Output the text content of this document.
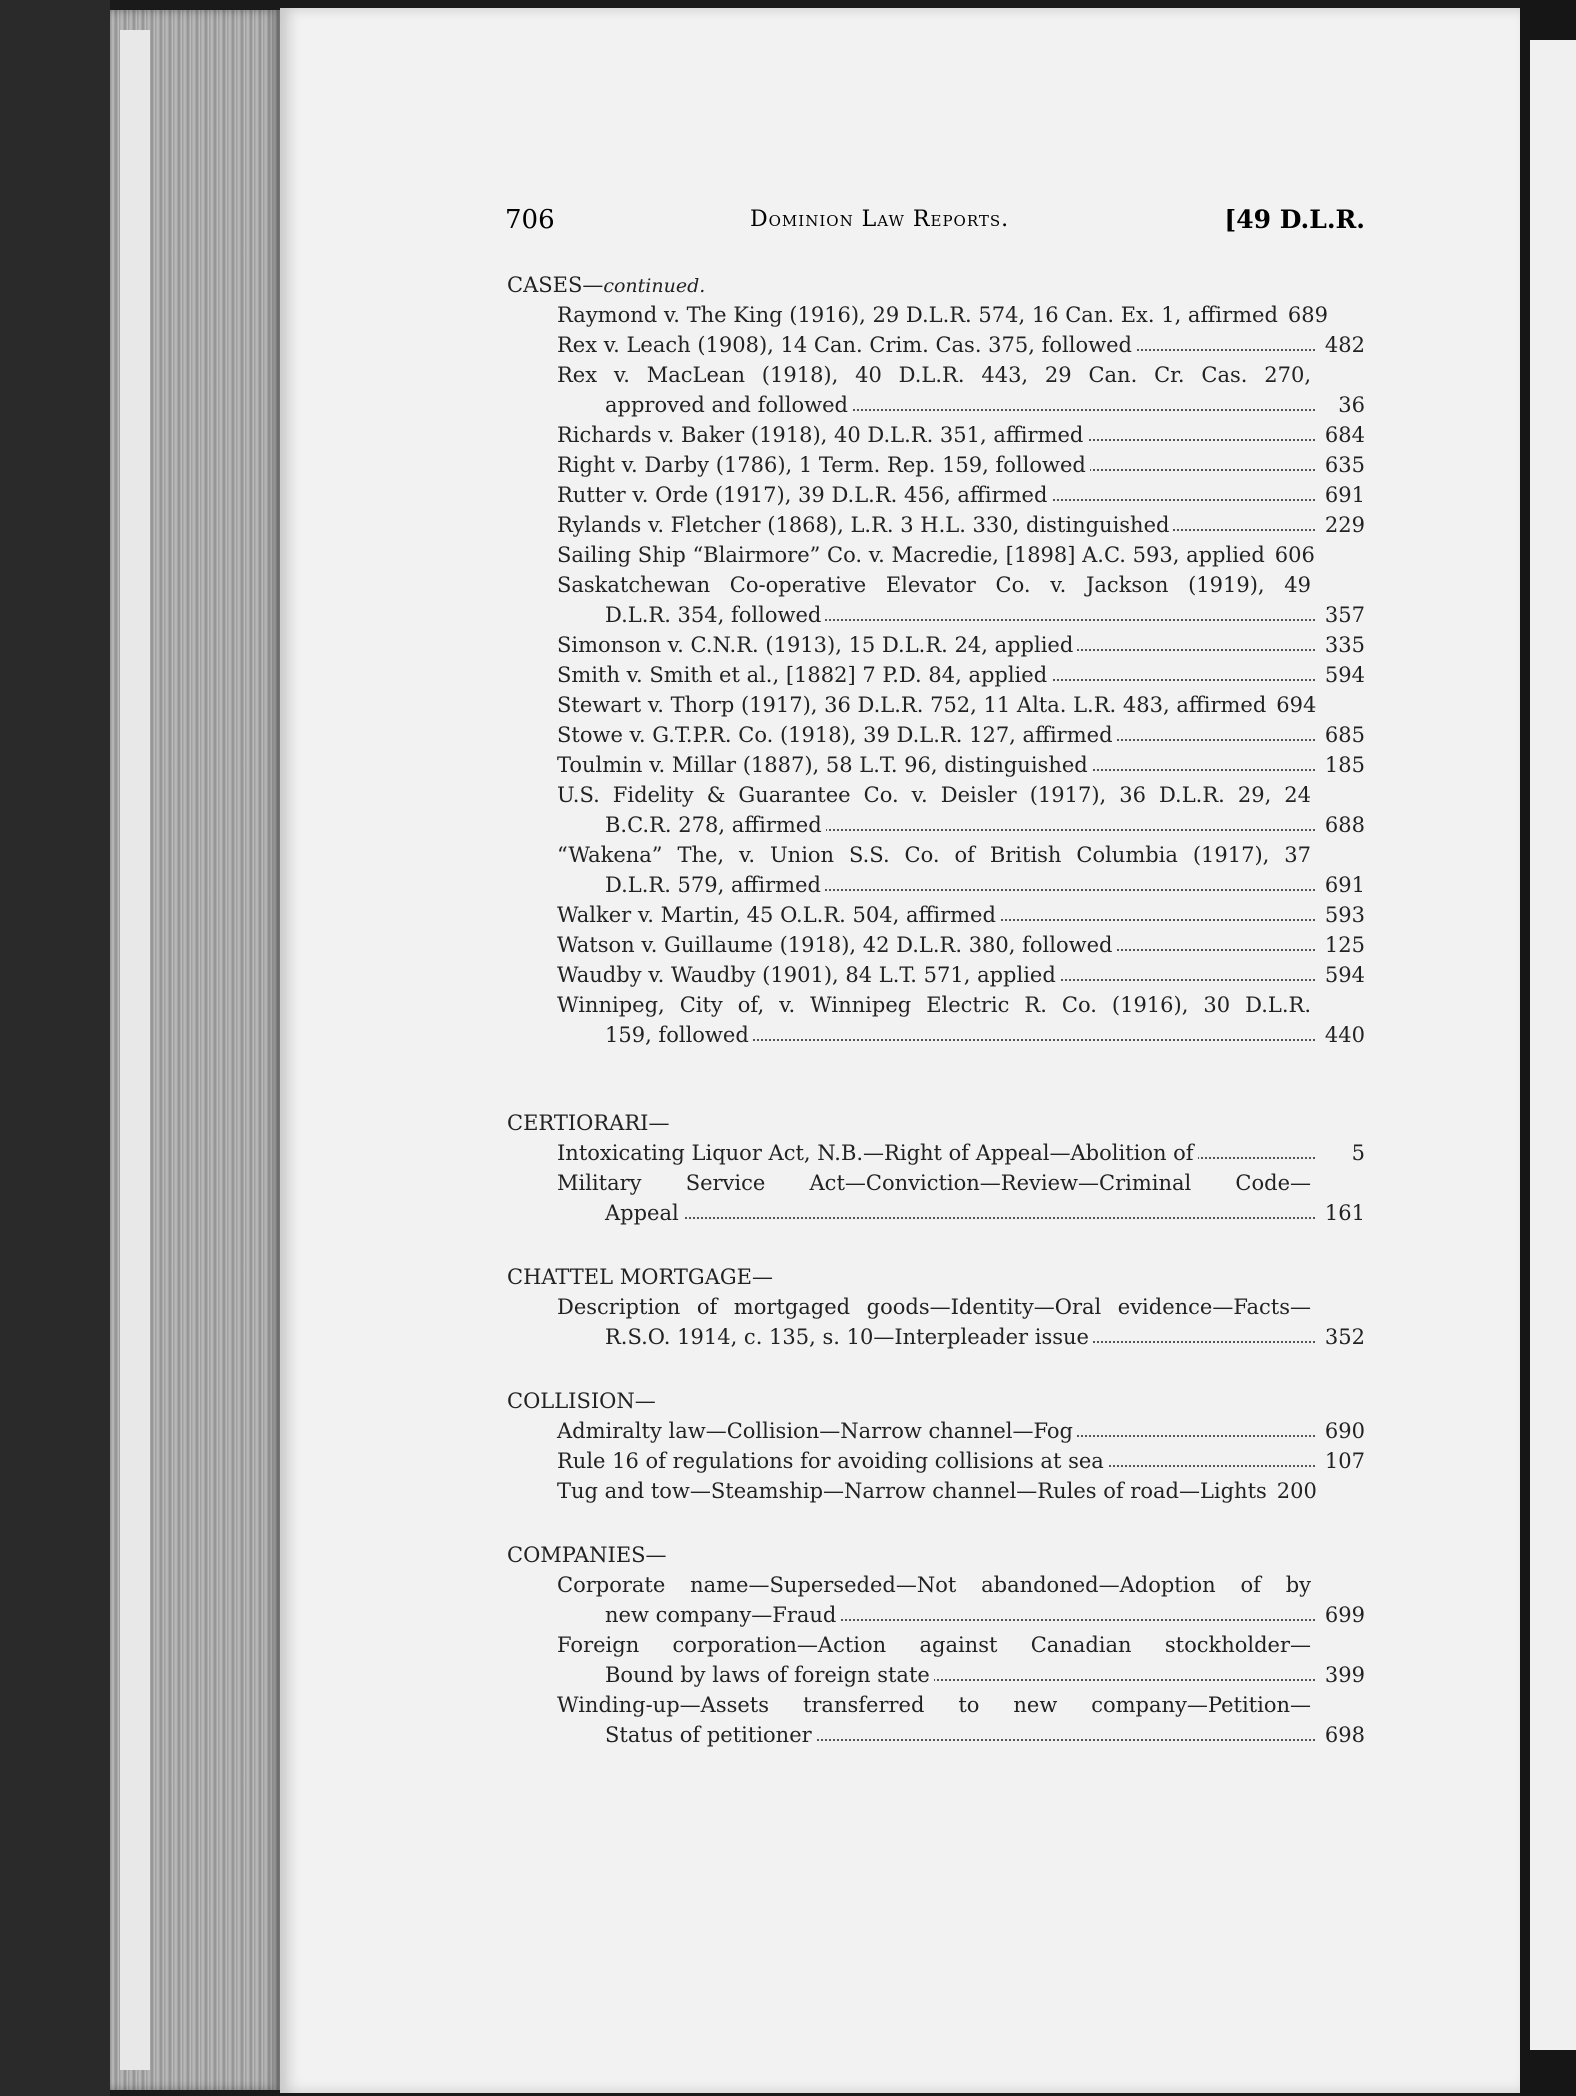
706	Dominion Law Reports.	[49 D.L.R.
CASES—continued.
Raymond v. The King (1916), 29 D.L.R. 574, 16 Can. Ex. 1, affirmed 689
Rex v. Leach (1908), 14 Can. Crim. Cas. 375, followed	482
Rex v. MacLean (1918), 40 D.L.R. 443, 29 Can. Cr. Cas. 270,
approved and followed	36
Richards v. Baker (1918), 40 D.L.R. 351, affirmed	684
Right v. Darby (1786), 1 Term. Rep. 159, followed	635
Rutter v. Orde (1917), 39 D.L.R. 456, affirmed	691
Rylands v. Fletcher (1868), L.R. 3 H.L. 330, distinguished	229
Sailing Ship “Blairmore” Co. v. Macredie, [1898] A.C. 593, applied 606
Saskatchewan Co-operative Elevator Co. v. Jackson (1919), 49
D.L.R. 354, followed	357
Simonson v. C.N.R. (1913), 15 D.L.R. 24, applied	335
Smith v. Smith et al., [1882] 7 P.D. 84, applied	594
Stewart v. Thorp (1917), 36 D.L.R. 752, 11 Alta. L.R. 483, affirmed 694
Stowe v. G.T.P.R. Co. (1918), 39 D.L.R. 127, affirmed	685
Toulmin v. Millar (1887), 58 L.T. 96, distinguished	185
U.S. Fidelity & Guarantee Co. v. Deisler (1917), 36 D.L.R. 29, 24
B.C.R. 278, affirmed	688
“Wakena” The, v. Union S.S. Co. of British Columbia (1917), 37
D.L.R. 579, affirmed	691
Walker v. Martin, 45 O.L.R. 504, affirmed	593
Watson v. Guillaume (1918), 42 D.L.R. 380, followed	125
Waudby v. Waudby (1901), 84 L.T. 571, applied	594
Winnipeg, City of, v. Winnipeg Electric R. Co. (1916), 30 D.L.R.
159, followed	440
CERTIORARI—
Intoxicating Liquor Act, N.B.—Right of Appeal—Abolition of	5
Military Service Act—Conviction—Review—Criminal Code—
Appeal	161
CHATTEL MORTGAGE—
Description of mortgaged goods—Identity—Oral evidence—Facts—
R.S.O. 1914, c. 135, s. 10—Interpleader issue	352
COLLISION—
Admiralty law—Collision—Narrow channel—Fog	690
Rule 16 of regulations for avoiding collisions at sea	107
Tug and tow—Steamship—Narrow channel—Rules of road—Lights 200
COMPANIES—
Corporate name—Superseded—Not abandoned—Adoption of by
new company—Fraud	699
Foreign corporation—Action against Canadian stockholder—
Bound by laws of foreign state	399
Winding-up—Assets transferred to new company—Petition—
Status of petitioner	698
